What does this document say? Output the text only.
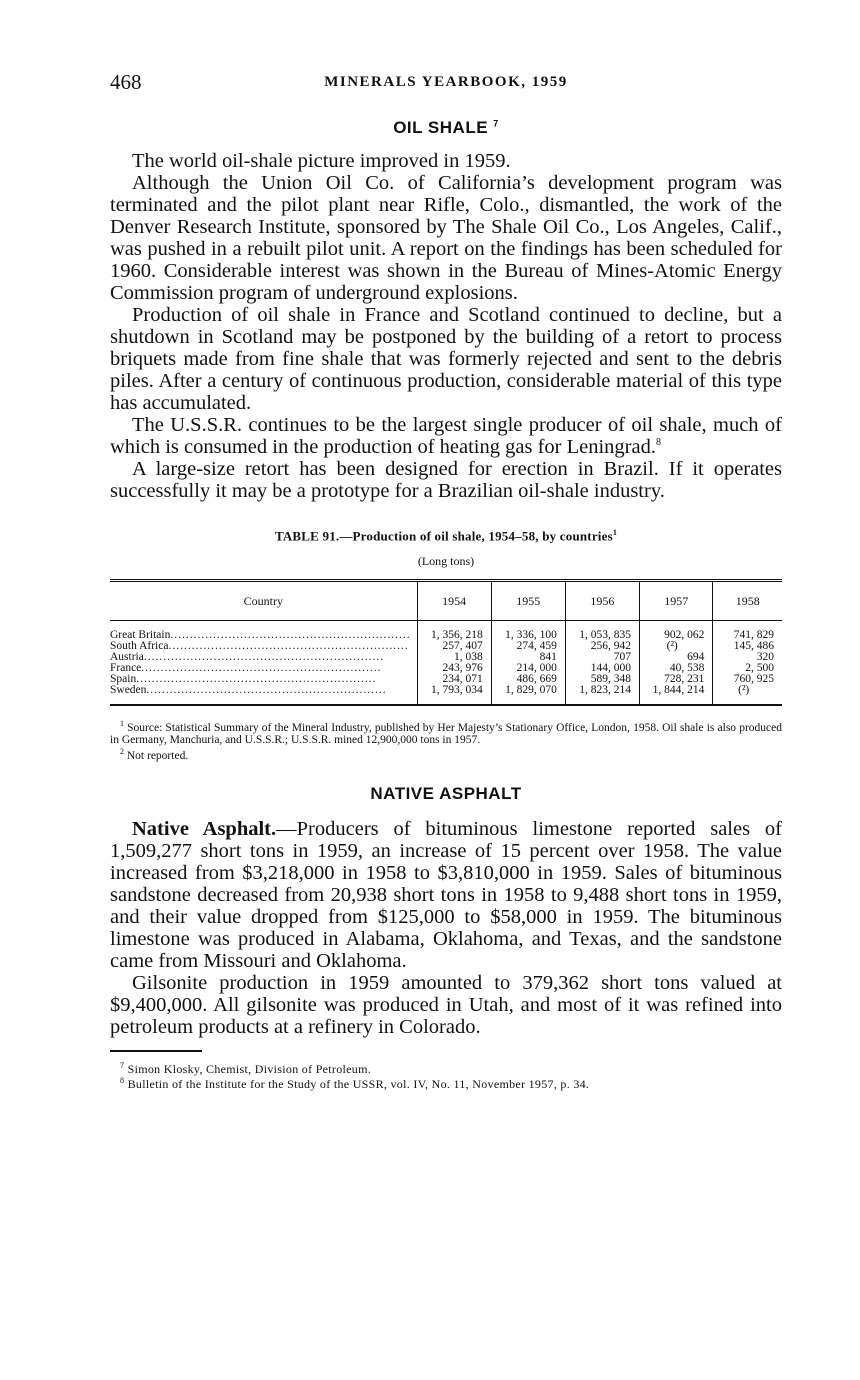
468	MINERALS YEARBOOK, 1959
OIL SHALE $^7$

The world oil-shale picture improved in 1959.

Although the Union Oil Co. of California’s development program was terminated and the pilot plant near Rifle, Colo., dismantled, the work of the Denver Research Institute, sponsored by The Shale Oil Co., Los Angeles, Calif., was pushed in a rebuilt pilot unit. A report on the findings has been scheduled for 1960. Considerable interest was shown in the Bureau of Mines-Atomic Energy Commission program of underground explosions.

Production of oil shale in France and Scotland continued to decline, but a shutdown in Scotland may be postponed by the building of a retort to process briquets made from fine shale that was formerly rejected and sent to the debris piles. After a century of continuous production, considerable material of this type has accumulated.

The U.S.S.R. continues to be the largest single producer of oil shale, much of which is consumed in the production of heating gas for Leningrad.$^8$

A large-size retort has been designed for erection in Brazil. If it operates successfully it may be a prototype for a Brazilian oil-shale industry.

TABLE 91.—Production of oil shale, 1954–58, by countries$^1$
(Long tons)
Country	1954	1955	1956	1957	1958

Great Britain ..............................................................	1, 356, 218	1, 336, 100	1, 053, 835	902, 062	741, 829

South Africa ..............................................................	257, 407	274, 459	256, 942	(²)	145, 486

Austria ..............................................................	1, 038	841	707	694	320

France ..............................................................	243, 976	214, 000	144, 000	40, 538	2, 500

Spain ..............................................................	234, 071	486, 669	589, 348	728, 231	760, 925

Sweden ..............................................................	1, 793, 034	1, 829, 070	1, 823, 214	1, 844, 214	(²)
$^1$ Source: Statistical Summary of the Mineral Industry, published by Her Majesty’s Stationary Office, London, 1958. Oil shale is also produced in Germany, Manchuria, and U.S.S.R.; U.S.S.R. mined 12,900,000 tons in 1957.
$^2$ Not reported.
NATIVE ASPHALT

Native Asphalt.—Producers of bituminous limestone reported sales of 1,509,277 short tons in 1959, an increase of 15 percent over 1958. The value increased from $3,218,000 in 1958 to $3,810,000 in 1959. Sales of bituminous sandstone decreased from 20,938 short tons in 1958 to 9,488 short tons in 1959, and their value dropped from $125,000 to $58,000 in 1959. The bituminous limestone was produced in Alabama, Oklahoma, and Texas, and the sandstone came from Missouri and Oklahoma.

Gilsonite production in 1959 amounted to 379,362 short tons valued at $9,400,000. All gilsonite was produced in Utah, and most of it was refined into petroleum products at a refinery in Colorado.

$^7$ Simon Klosky, Chemist, Division of Petroleum.
$^8$ Bulletin of the Institute for the Study of the USSR, vol. IV, No. 11, November 1957, p. 34.
